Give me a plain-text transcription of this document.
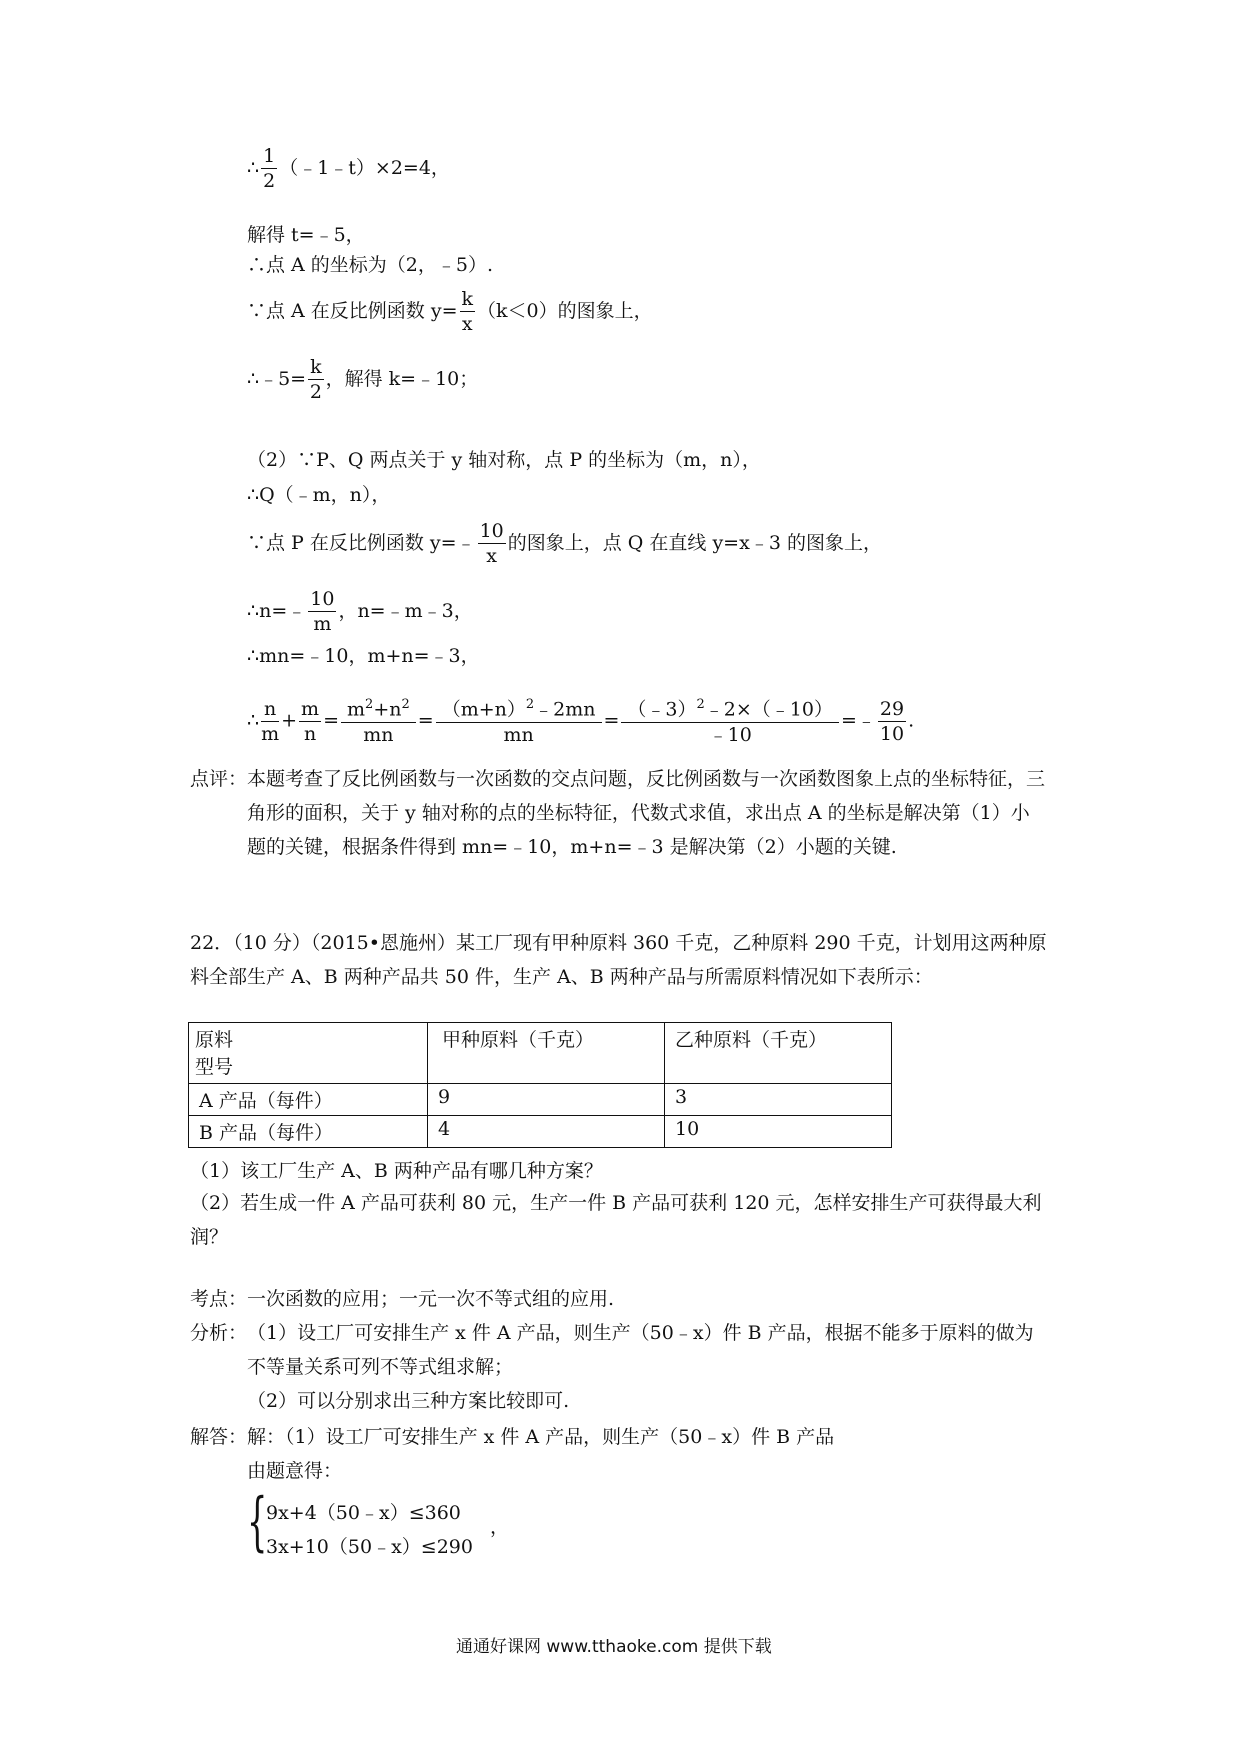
∴ $\frac{1}{2}$ （﹣1﹣t）×2=4，
解得 t=﹣5，
∴点 A 的坐标为（2，﹣5）.
∵点 A 在反比例函数 $y= \frac{k}{x} (k<0)$的图象上，
∴﹣5= $\frac{k}{2}$ ，解得 k=﹣10；
（2）∵P、Q 两点关于 y 轴对称，点 P 的坐标为（m，n），
∴Q（﹣m，n），
∵点 P 在反比例函数 y=﹣ $\frac{10}{x}$ 的图象上，点 Q 在直线 y=x﹣3 的图象上，
∴n=﹣ $\frac{10}{m}$ ，n=﹣m﹣3，
∴mn=﹣10，m+n=﹣3，
∴ $\frac{n}{m} + \frac{m}{n} = \frac{m^2+n^2}{mn} = \frac{(m+n)^2﹣2mn}{mn} = \frac{(﹣3)^2﹣2\times(﹣10)}{﹣10}$ =﹣ $\frac{29}{10}$ .
点评： 本题考查了反比例函数与一次函数的交点问题，反比例函数与一次函数图象上点的坐标特征，三角形的面积，关于 y 轴对称的点的坐标特征，代数式求值，求出点 A 的坐标是解决第（1）小题的关键，根据条件得到 mn=﹣10，m+n=﹣3 是解决第（2）小题的关键.
22．（10 分）（2015•恩施州）某工厂现有甲种原料 360 千克，乙种原料 290 千克，计划用这两种原料全部生产 A、B 两种产品共 50 件，生产 A、B 两种产品与所需原料情况如下表所示：
原料
型号	甲种原料（千克）	乙种原料（千克）
A 产品（每件）	9	3
B 产品（每件）	4	10
（1）该工厂生产 A、B 两种产品有哪几种方案？
（2）若生成一件 A 产品可获利 80 元，生产一件 B 产品可获利 120 元，怎样安排生产可获得最大利润？
考点： 一次函数的应用；一元一次不等式组的应用.
分析： （1）设工厂可安排生产 x 件 A 产品，则生产（50﹣x）件 B 产品，根据不能多于原料的做为不等量关系可列不等式组求解；
（2）可以分别求出三种方案比较即可.
解答： 解：（1）设工厂可安排生产 x 件 A 产品，则生产（50﹣x）件 B 产品
由题意得：
{
9x+4（50﹣x）≤360
3x+10（50﹣x）≤290
，
通通好课网 www.tthaoke.com 提供下载
